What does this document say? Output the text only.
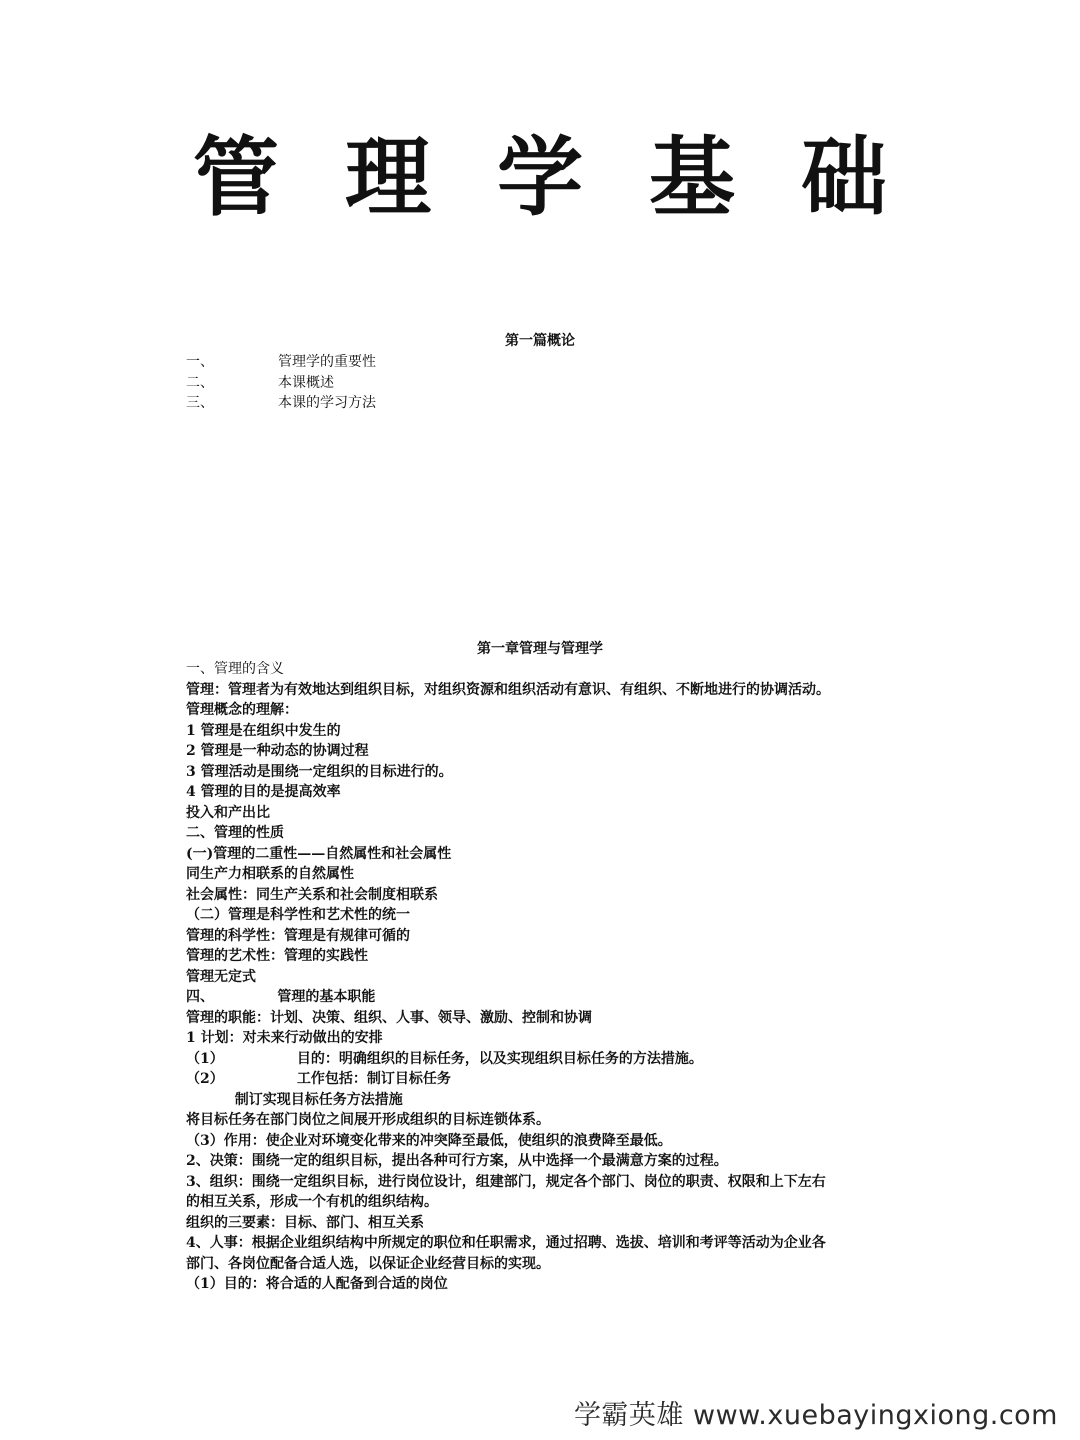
管 理 学 基 础
第一篇概论
一、	管理学的重要性
二、	本课概述
三、	本课的学习方法
第一章管理与管理学
一、管理的含义
管理：管理者为有效地达到组织目标，对组织资源和组织活动有意识、有组织、不断地进行的协调活动。
管理概念的理解：
1 管理是在组织中发生的
2 管理是一种动态的协调过程
3 管理活动是围绕一定组织的目标进行的。
4 管理的目的是提高效率
投入和产出比
二、管理的性质
(一)管理的二重性——自然属性和社会属性
同生产力相联系的自然属性
社会属性：同生产关系和社会制度相联系
（二）管理是科学性和艺术性的统一
管理的科学性：管理是有规律可循的
管理的艺术性：管理的实践性
管理无定式
四、             管理的基本职能
管理的职能：计划、决策、组织、人事、领导、激励、控制和协调
1 计划：对未来行动做出的安排
（1）               目的：明确组织的目标任务，以及实现组织目标任务的方法措施。
（2）               工作包括：制订目标任务
制订实现目标任务方法措施
将目标任务在部门岗位之间展开形成组织的目标连锁体系。
（3）作用：使企业对环境变化带来的冲突降至最低，使组织的浪费降至最低。
2、决策：围绕一定的组织目标，提出各种可行方案，从中选择一个最满意方案的过程。
3、组织：围绕一定组织目标，进行岗位设计，组建部门，规定各个部门、岗位的职责、权限和上下左右
的相互关系，形成一个有机的组织结构。
组织的三要素：目标、部门、相互关系
4、人事：根据企业组织结构中所规定的职位和任职需求，通过招聘、选拔、培训和考评等活动为企业各
部门、各岗位配备合适人选，以保证企业经营目标的实现。
（1）目的：将合适的人配备到合适的岗位
学霸英雄 www.xuebayingxiong.com
